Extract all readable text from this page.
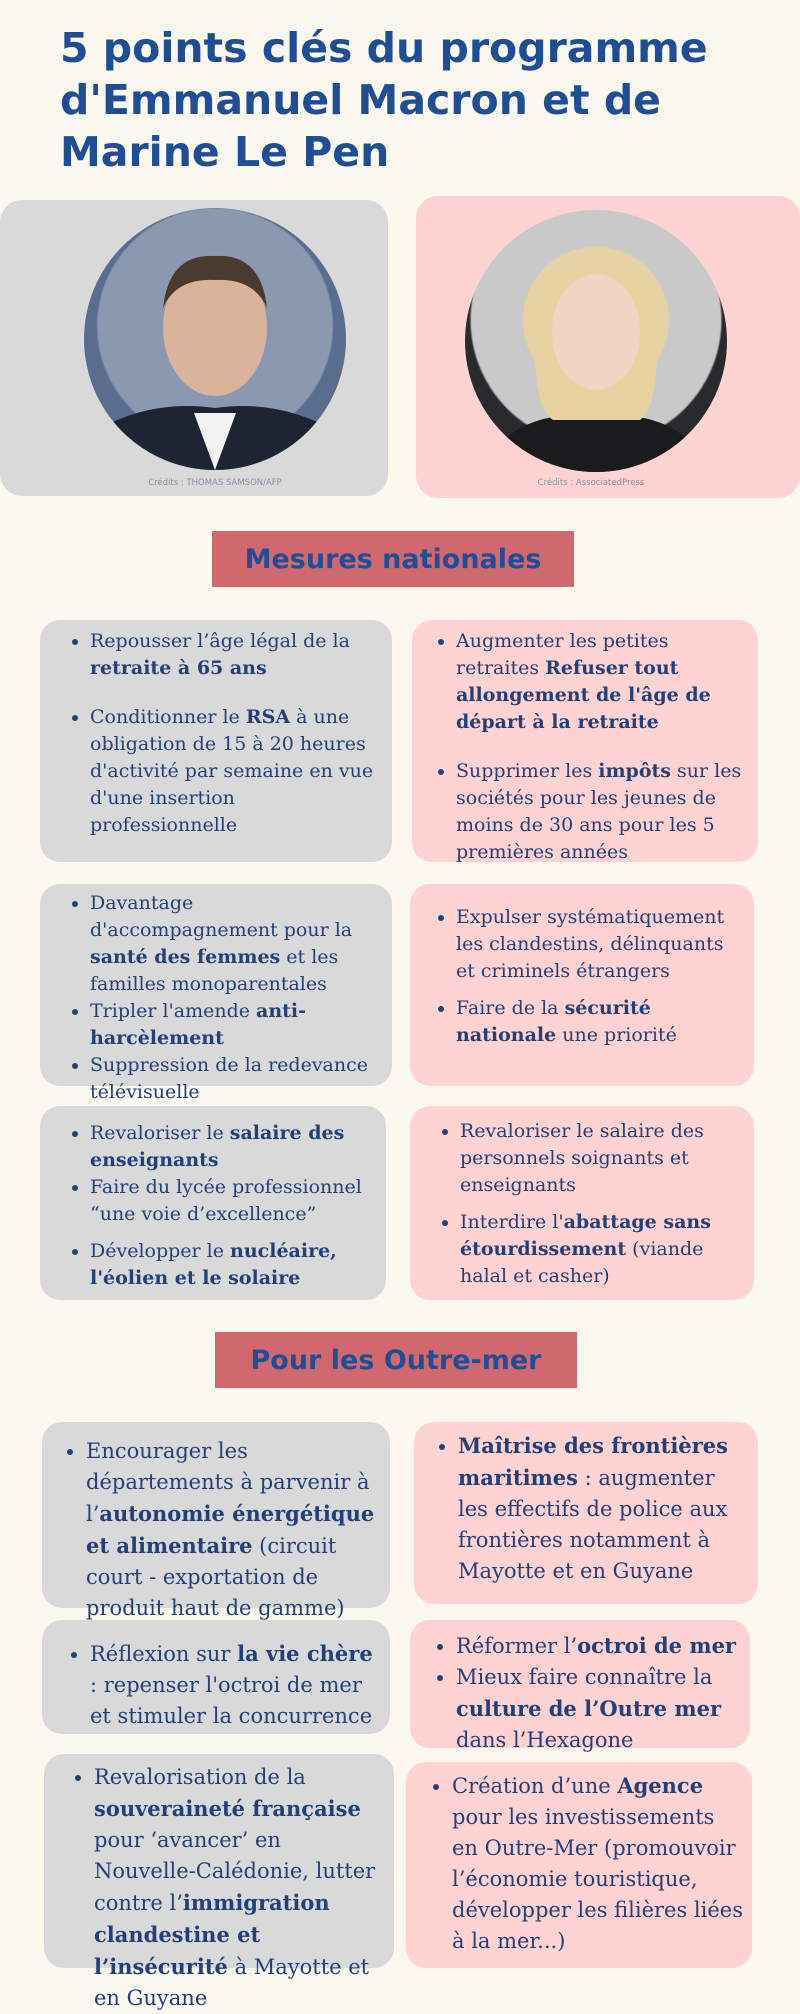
5 points clés du programme d'Emmanuel Macron et de Marine Le Pen
Crédits : THOMAS SAMSON/AFP	Crédits : AssociatedPress
Mesures nationales
• Repousser l’âge légal de la retraite à 65 ans
• Conditionner le RSA à une obligation de 15 à 20 heures d'activité par semaine en vue d'une insertion professionnelle
• Augmenter les petites retraites Refuser tout allongement de l'âge de départ à la retraite
• Supprimer les impôts sur les sociétés pour les jeunes de moins de 30 ans pour les 5 premières années
• Davantage d'accompagnement pour la santé des femmes et les familles monoparentales
• Tripler l'amende anti-harcèlement
• Suppression de la redevance télévisuelle
• Expulser systématiquement les clandestins, délinquants et criminels étrangers
• Faire de la sécurité nationale une priorité
• Revaloriser le salaire des enseignants
• Faire du lycée professionnel “une voie d’excellence”
• Développer le nucléaire, l'éolien et le solaire
• Revaloriser le salaire des personnels soignants et enseignants
• Interdire l'abattage sans étourdissement (viande halal et casher)
Pour les Outre-mer
• Encourager les départements à parvenir à l’autonomie énergétique et alimentaire (circuit court - exportation de produit haut de gamme)
• Maîtrise des frontières maritimes : augmenter les effectifs de police aux frontières notamment à Mayotte et en Guyane
• Réflexion sur la vie chère : repenser l'octroi de mer et stimuler la concurrence
• Réformer l’octroi de mer
• Mieux faire connaître la culture de l’Outre mer dans l’Hexagone
• Revalorisation de la souveraineté française pour ‘avancer’ en Nouvelle-Calédonie, lutter contre l’immigration clandestine et l’insécurité à Mayotte et en Guyane
• Création d’une Agence pour les investissements en Outre-Mer (promouvoir l’économie touristique, développer les filières liées à la mer...)
